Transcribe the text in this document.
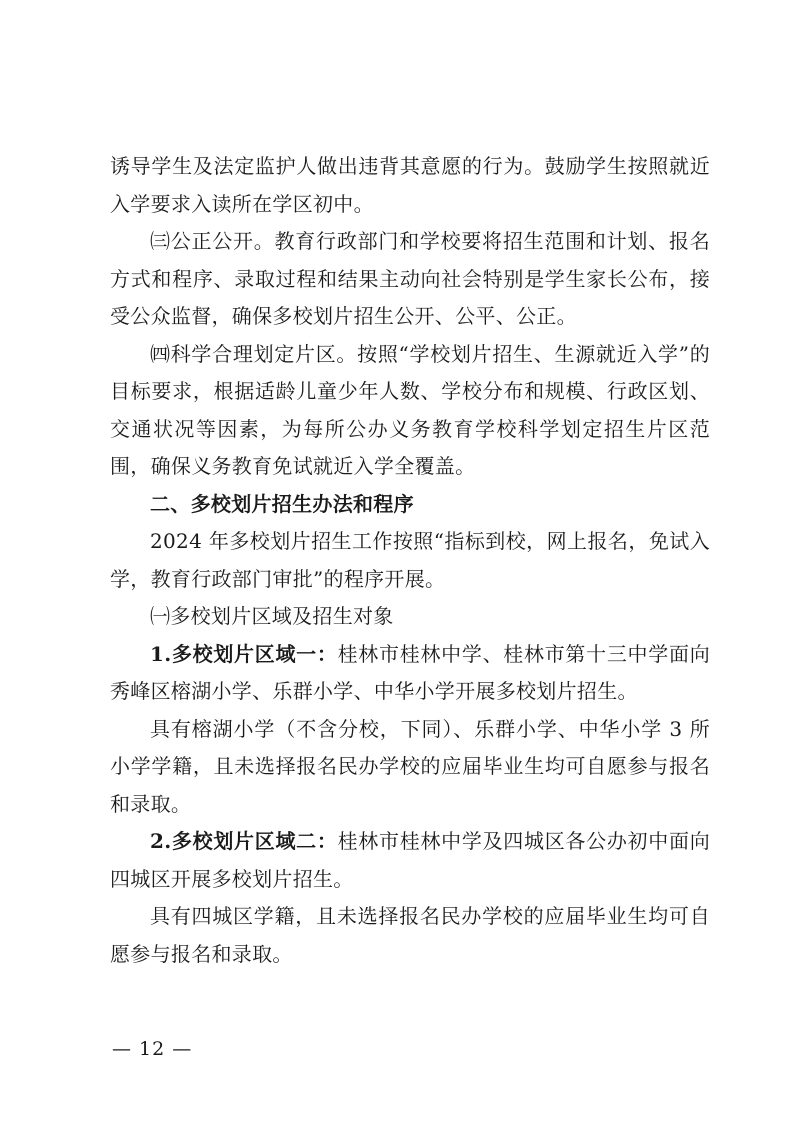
诱导学生及法定监护人做出违背其意愿的行为。鼓励学生按照就近入学要求入读所在学区初中。

㈢公正公开。教育行政部门和学校要将招生范围和计划、报名方式和程序、录取过程和结果主动向社会特别是学生家长公布，接受公众监督，确保多校划片招生公开、公平、公正。

㈣科学合理划定片区。按照“学校划片招生、生源就近入学”的目标要求，根据适龄儿童少年人数、学校分布和规模、行政区划、交通状况等因素，为每所公办义务教育学校科学划定招生片区范围，确保义务教育免试就近入学全覆盖。

二、多校划片招生办法和程序

2024 年多校划片招生工作按照“指标到校，网上报名，免试入学，教育行政部门审批”的程序开展。

㈠多校划片区域及招生对象

1.多校划片区域一：桂林市桂林中学、桂林市第十三中学面向秀峰区榕湖小学、乐群小学、中华小学开展多校划片招生。

具有榕湖小学（不含分校，下同）、乐群小学、中华小学 3 所小学学籍，且未选择报名民办学校的应届毕业生均可自愿参与报名和录取。

2.多校划片区域二：桂林市桂林中学及四城区各公办初中面向四城区开展多校划片招生。

具有四城区学籍，且未选择报名民办学校的应届毕业生均可自愿参与报名和录取。

— 12 —
